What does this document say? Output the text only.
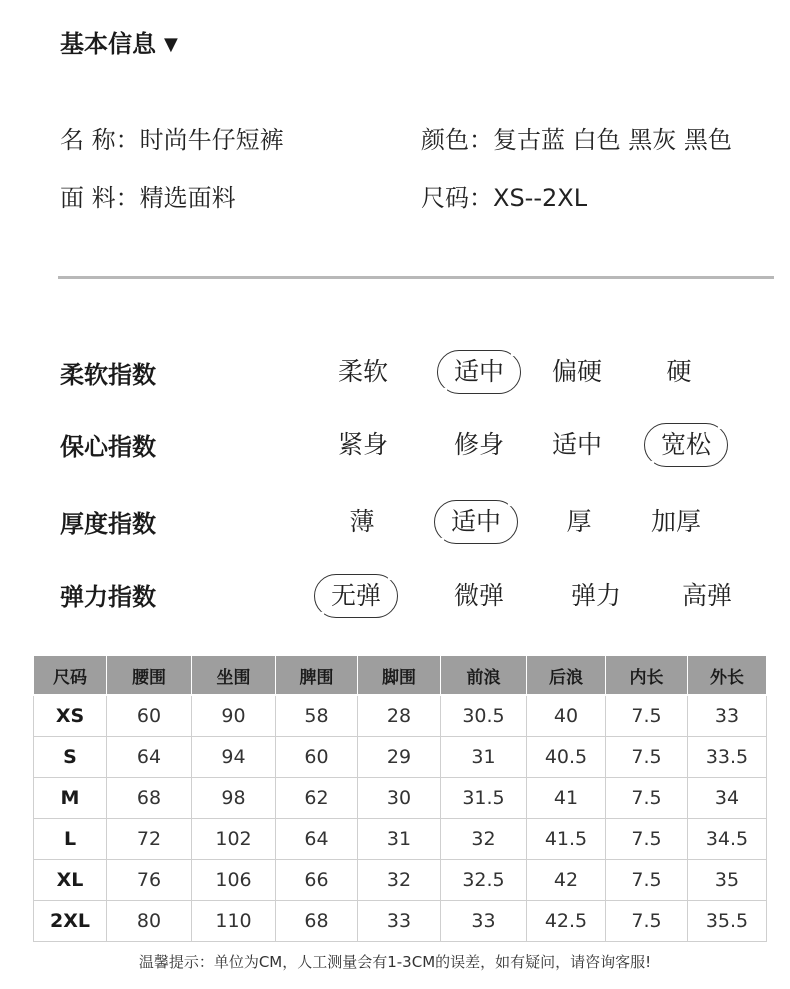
基本信息 ▼
名 称：时尚牛仔短裤	颜色：复古蓝 白色 黑灰 黑色
面 料：精选面料	尺码：XS--2XL
柔软指数	柔软	适中	偏硬	硬
保心指数	紧身	修身	适中	宽松
厚度指数	薄	适中	厚	加厚
弹力指数	无弹	微弹	弹力	高弹
尺码	腰围	坐围	脾围	脚围	前浪	后浪	内长	外长
XS	60	90	58	28	30.5	40	7.5	33
S	64	94	60	29	31	40.5	7.5	33.5
M	68	98	62	30	31.5	41	7.5	34
L	72	102	64	31	32	41.5	7.5	34.5
XL	76	106	66	32	32.5	42	7.5	35
2XL	80	110	68	33	33	42.5	7.5	35.5
温馨提示：单位为CM，人工测量会有1-3CM的误差，如有疑问，请咨询客服!
